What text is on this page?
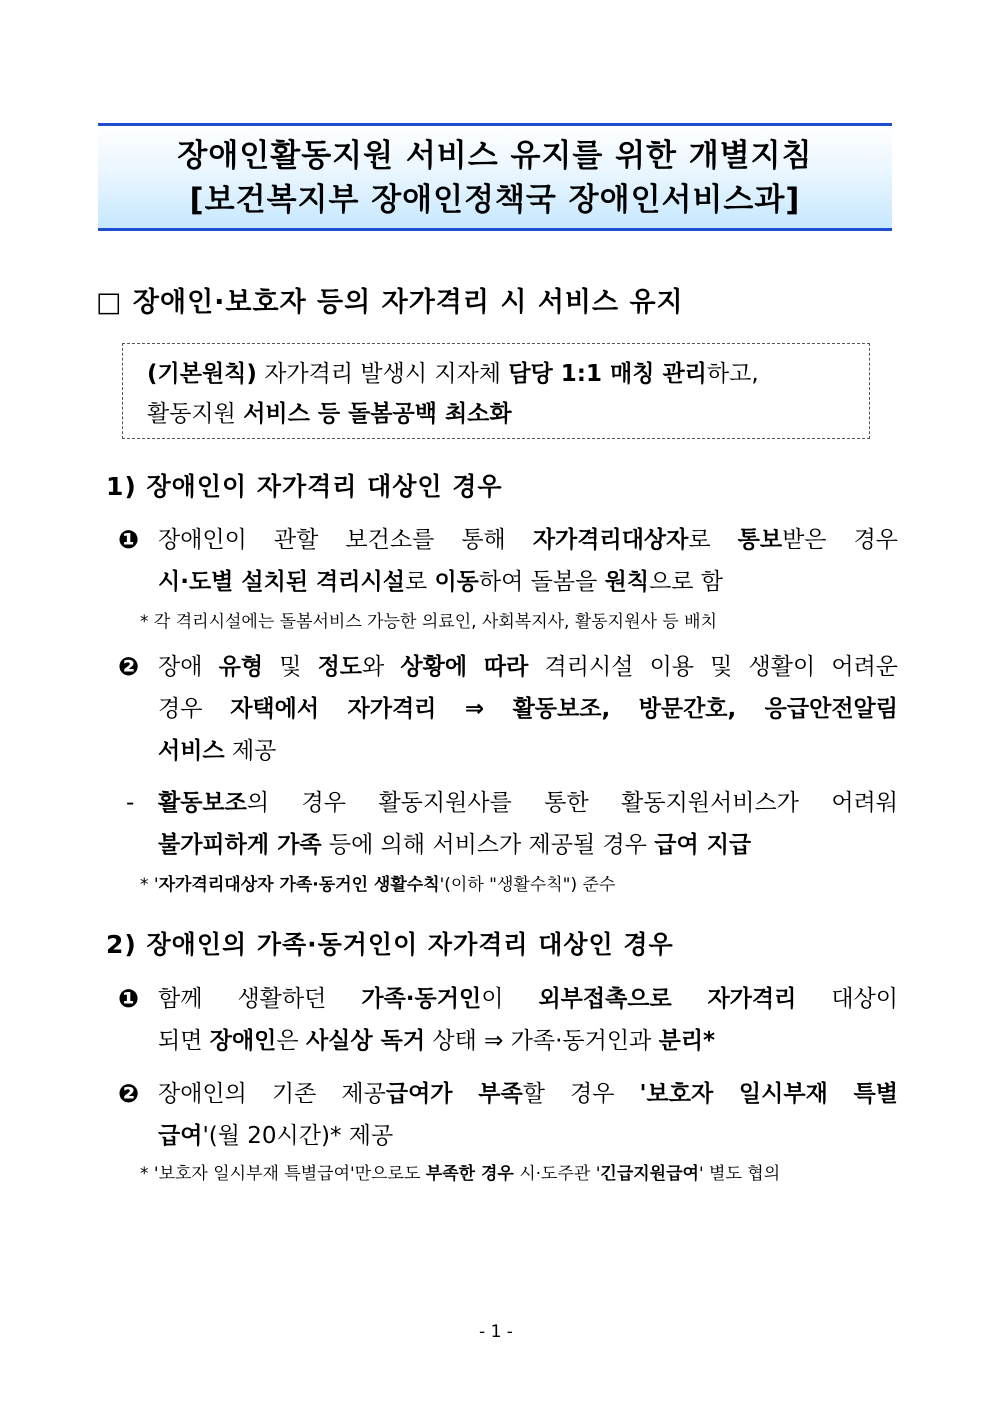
장애인활동지원 서비스 유지를 위한 개별지침
[보건복지부 장애인정책국 장애인서비스과]
□ 장애인·보호자 등의 자가격리 시 서비스 유지
(기본원칙) 자가격리 발생시 지자체 담당 1:1 매칭 관리하고,
활동지원 서비스 등 돌봄공백 최소화
1) 장애인이 자가격리 대상인 경우
❶ 장애인이 관할 보건소를 통해 자가격리대상자로 통보받은 경우
시·도별 설치된 격리시설로 이동하여 돌봄을 원칙으로 함
* 각 격리시설에는 돌봄서비스 가능한 의료인, 사회복지사, 활동지원사 등 배치
❷ 장애 유형 및 정도와 상황에 따라 격리시설 이용 및 생활이 어려운
경우 자택에서 자가격리 ⇒ 활동보조, 방문간호, 응급안전알림
서비스 제공
-	활동보조의 경우 활동지원사를 통한 활동지원서비스가 어려워
불가피하게 가족 등에 의해 서비스가 제공될 경우 급여 지급
* '자가격리대상자 가족·동거인 생활수칙'(이하 "생활수칙") 준수
2) 장애인의 가족·동거인이 자가격리 대상인 경우
❶ 함께 생활하던 가족·동거인이 외부접촉으로 자가격리 대상이
되면 장애인은 사실상 독거 상태 ⇒ 가족·동거인과 분리*
❷ 장애인의 기존 제공급여가 부족할 경우 '보호자 일시부재 특별
급여'(월 20시간)* 제공
* '보호자 일시부재 특별급여'만으로도 부족한 경우 시·도주관 '긴급지원급여' 별도 협의
- 1 -
